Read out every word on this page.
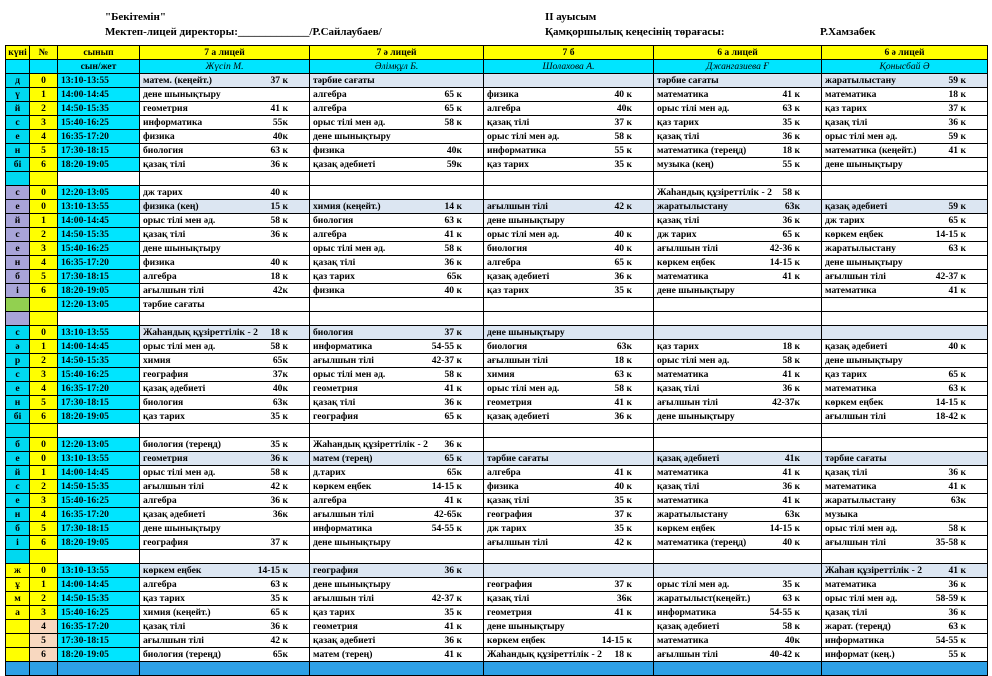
"Бекітемін"
Мектеп-лицей директоры:_____________/Р.Сайлаубаев/
ІІ ауысым
Қамқоршылық кеңесінің төрағасы:	Р.Хамзабек
күні	№	сынып	7 а лицей	7 ә лицей	7 б	6 а лицей	6 ә лицей
		сын/жет	Жүсіп М.	Әлімқұл Б.	Шолахова А.	Джангазиева Ғ	Қонысбай Ә
д	0	13:10-13:55	матем. (кеңейт.) 37 к	тәрбие сағаты		тәрбие сағаты	жаратылыстану 59 к

ү	1	14:00-14:45	дене шынықтыру	алгебра 65 к	физика 40 к	математика 41 к	математика 18 к

й	2	14:50-15:35	геометрия 41 к	алгебра 65 к	алгебра 40к	орыс тілі мен әд. 63 к	қаз тарих 37 к

с	3	15:40-16:25	информатика 55к	орыс тілі мен әд. 58 к	қазақ тілі 37 к	қаз тарих 35 к	қазақ тілі 36 к

е	4	16:35-17:20	физика 40к	дене шынықтыру	орыс тілі мен әд. 58 к	қазақ тілі 36 к	орыс тілі мен әд. 59 к

н	5	17:30-18:15	биология 63 к	физика 40к	информатика 55 к	математика (тереңд) 18 к	математика (кеңейт.) 41 к

бі	6	18:20-19:05	қазақ тілі 36 к	қазақ әдебиеті 59к	қаз тарих 35 к	музыка (кең) 55 к	дене шынықтыру

с	0	12:20-13:05	дж тарих 40 к			Жаһандық құзіреттілік - 2 58 к	

е	0	13:10-13:55	физика (кең) 15 к	химия (кеңейт.) 14 к	ағылшын тілі 42 к	жаратылыстану 63к	қазақ әдебиеті 59 к

й	1	14:00-14:45	орыс тілі мен әд. 58 к	биология 63 к	дене шынықтыру	қазақ тілі 36 к	дж тарих 65 к

с	2	14:50-15:35	қазақ тілі 36 к	алгебра 41 к	орыс тілі мен әд. 40 к	дж тарих 65 к	көркем еңбек 14-15 к

е	3	15:40-16:25	дене шынықтыру	орыс тілі мен әд. 58 к	биология 40 к	ағылшын тілі 42-36 к	жаратылыстану 63 к

н	4	16:35-17:20	физика 40 к	қазақ тілі 36 к	алгебра 65 к	көркем еңбек 14-15 к	дене шынықтыру

б	5	17:30-18:15	алгебра 18 к	қаз тарих 65к	қазақ әдебиеті 36 к	математика 41 к	ағылшын тілі 42-37 к

і	6	18:20-19:05	ағылшын тілі 42к	физика 40 к	қаз тарих 35 к	дене шынықтыру	математика 41 к

		12:20-13:05	тәрбие сағаты				

с	0	13:10-13:55	Жаһандық құзіреттілік - 2 18 к	биология 37 к	дене шынықтыру		

ә	1	14:00-14:45	орыс тілі мен әд. 58 к	информатика 54-55 к	биология 63к	қаз тарих 18 к	қазақ әдебиеті 40 к

р	2	14:50-15:35	химия 65к	ағылшын тілі 42-37 к	ағылшын тілі 18 к	орыс тілі мен әд. 58 к	дене шынықтыру

с	3	15:40-16:25	география 37к	орыс тілі мен әд. 58 к	химия 63 к	математика 41 к	қаз тарих 65 к

е	4	16:35-17:20	қазақ әдебиеті 40к	геометрия 41 к	орыс тілі мен әд. 58 к	қазақ тілі 36 к	математика 63 к

н	5	17:30-18:15	биология 63к	қазақ тілі 36 к	геометрия 41 к	ағылшын тілі 42-37к	көркем еңбек 14-15 к

бі	6	18:20-19:05	қаз тарих 35 к	география 65 к	қазақ әдебиеті 36 к	дене шынықтыру	ағылшын тілі 18-42 к

б	0	12:20-13:05	биология (тереңд) 35 к	Жаһандық құзіреттілік - 2 36 к			

е	0	13:10-13:55	геометрия 36 к	матем (терең) 65 к	тәрбие сағаты	қазақ әдебиеті 41к	тәрбие сағаты

й	1	14:00-14:45	орыс тілі мен әд. 58 к	д.тарих 65к	алгебра 41 к	математика 41 к	қазақ тілі 36 к

с	2	14:50-15:35	ағылшын тілі 42 к	көркем еңбек 14-15 к	физика 40 к	қазақ тілі 36 к	математика 41 к

е	3	15:40-16:25	алгебра 36 к	алгебра 41 к	қазақ тілі 35 к	математика 41 к	жаратылыстану 63к

н	4	16:35-17:20	қазақ әдебиеті 36к	ағылшын тілі 42-65к	география 37 к	жаратылыстану 63к	музыка

б	5	17:30-18:15	дене шынықтыру	информатика 54-55 к	дж тарих 35 к	көркем еңбек 14-15 к	орыс тілі мен әд. 58 к

і	6	18:20-19:05	география 37 к	дене шынықтыру	ағылшын тілі 42 к	математика (тереңд) 40 к	ағылшын тілі 35-58 к

ж	0	13:10-13:55	көркем еңбек 14-15 к	география 36 к			Жаһан құзіреттілік - 2 41 к

ұ	1	14:00-14:45	алгебра 63 к	дене шынықтыру	география 37 к	орыс тілі мен әд. 35 к	математика 36 к

м	2	14:50-15:35	қаз тарих 35 к	ағылшын тілі 42-37 к	қазақ тілі 36к	жаратылыст(кеңейт.) 63 к	орыс тілі мен әд. 58-59 к

а	3	15:40-16:25	химия (кеңейт.) 65 к	қаз тарих 35 к	геометрия 41 к	информатика 54-55 к	қазақ тілі 36 к

	4	16:35-17:20	қазақ тілі 36 к	геометрия 41 к	дене шынықтыру	қазақ әдебиеті 58 к	жарат. (тереңд) 63 к

	5	17:30-18:15	ағылшын тілі 42 к	қазақ әдебиеті 36 к	көркем еңбек 14-15 к	математика 40к	информатика 54-55 к

	6	18:20-19:05	биология (тереңд) 65к	матем (терең) 41 к	Жаһандық құзіреттілік - 2 18 к	ағылшын тілі 40-42 к	информат (кең.) 55 к
